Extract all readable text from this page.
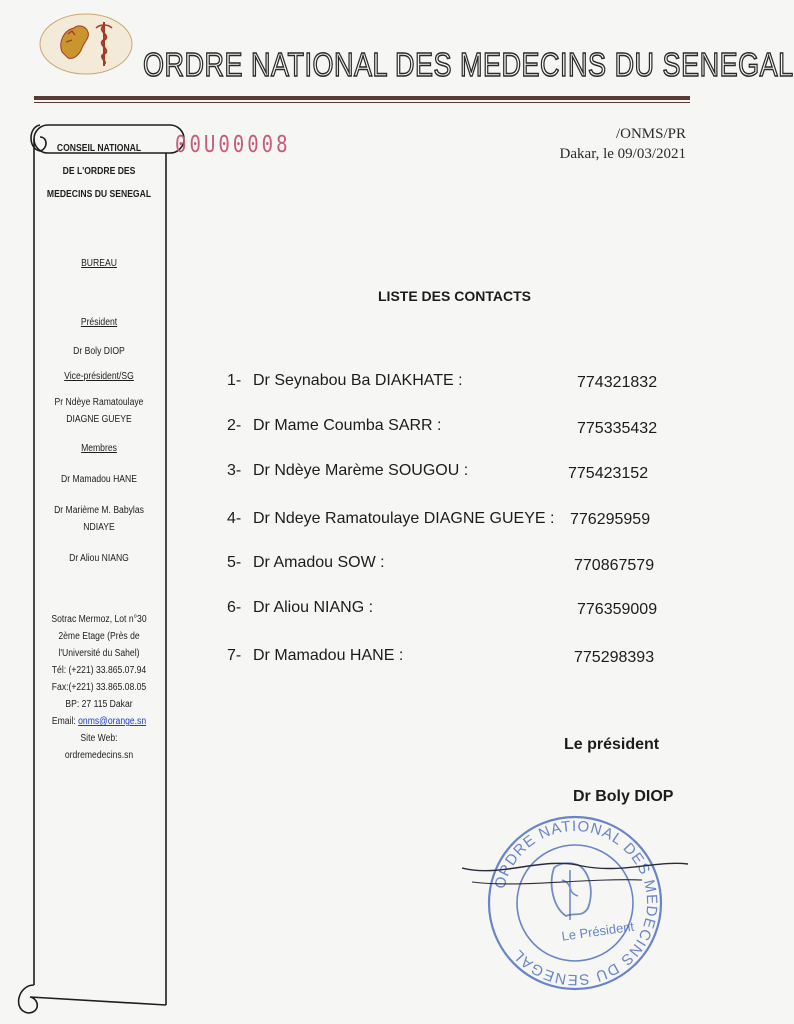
ORDRE NATIONAL DES MEDECINS DU SENEGAL
CONSEIL NATIONAL
DE L'ORDRE DES
MEDECINS DU SENEGAL
BUREAU
Président
Dr Boly DIOP
Vice-président/SG
Pr Ndèye Ramatoulaye
DIAGNE GUEYE
Membres
Dr Mamadou HANE
Dr Marième M. Babylas
NDIAYE
Dr Aliou NIANG
Sotrac Mermoz, Lot n°30
2ème Etage (Près de
l'Université du Sahel)
Tél: (+221) 33.865.07.94
Fax:(+221) 33.865.08.05
BP: 27 115 Dakar
Email: onms@orange.sn
Site Web:
ordremedecins.sn
00U00008	/ONMS/PR
Dakar, le 09/03/2021
LISTE DES CONTACTS
1- Dr Seynabou Ba DIAKHATE :	774321832
2- Dr Mame Coumba SARR :	775335432
3- Dr Ndèye Marème SOUGOU :	775423152
4- Dr Ndeye Ramatoulaye DIAGNE GUEYE : 776295959
5- Dr Amadou SOW :	770867579
6- Dr Aliou NIANG :	776359009
7- Dr Mamadou HANE :	775298393
Le président
Dr Boly DIOP
ORDRE NATIONAL DES MEDECINS DU SENEGAL
Le Président
